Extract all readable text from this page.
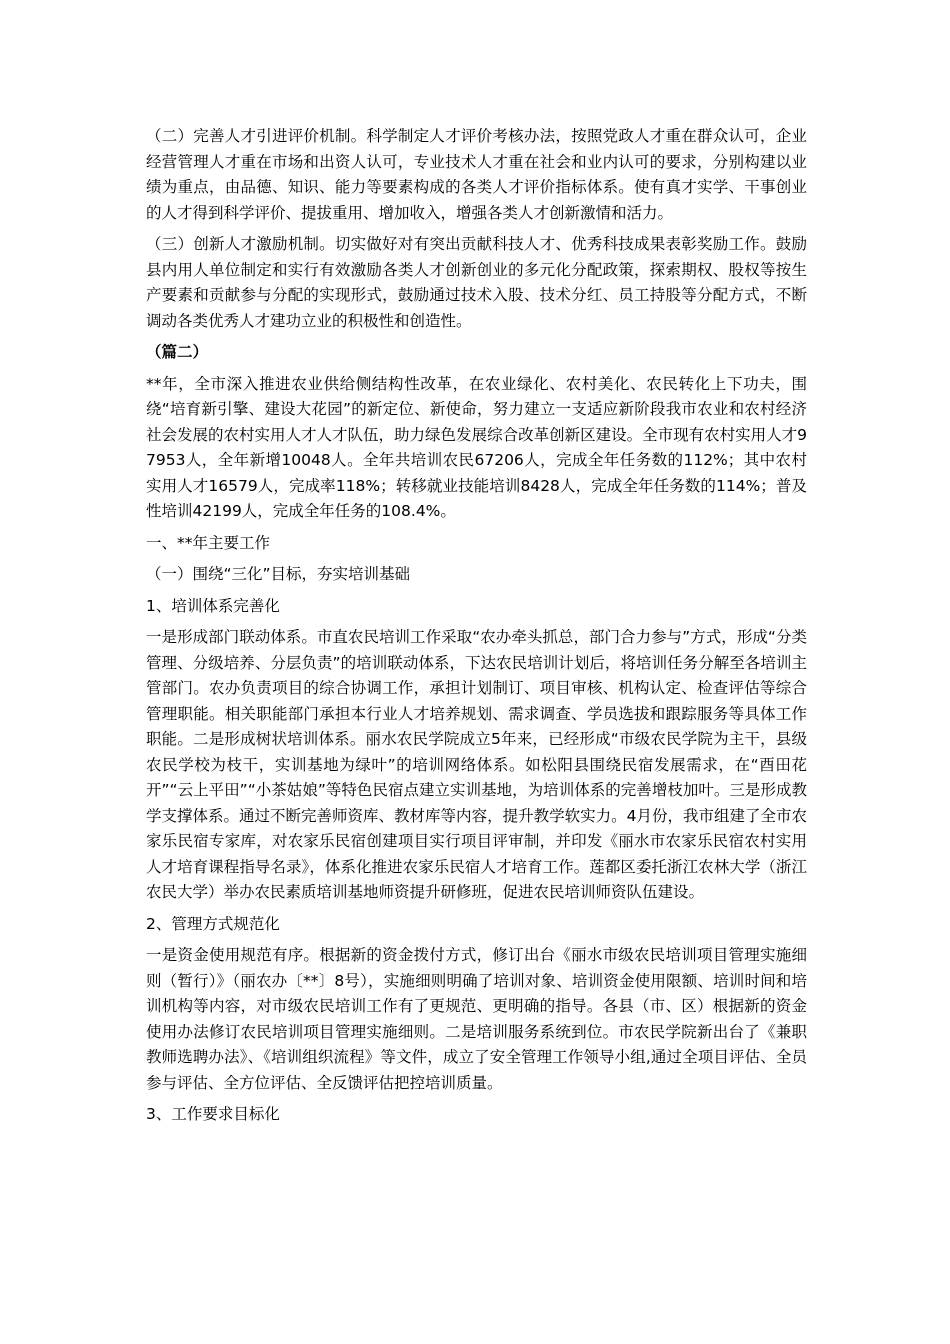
（二）完善人才引进评价机制。科学制定人才评价考核办法，按照党政人才重在群众认可，企业经营管理人才重在市场和出资人认可，专业技术人才重在社会和业内认可的要求，分别构建以业绩为重点，由品德、知识、能力等要素构成的各类人才评价指标体系。使有真才实学、干事创业的人才得到科学评价、提拔重用、增加收入，增强各类人才创新激情和活力。

（三）创新人才激励机制。切实做好对有突出贡献科技人才、优秀科技成果表彰奖励工作。鼓励县内用人单位制定和实行有效激励各类人才创新创业的多元化分配政策，探索期权、股权等按生产要素和贡献参与分配的实现形式，鼓励通过技术入股、技术分红、员工持股等分配方式，不断调动各类优秀人才建功立业的积极性和创造性。

（篇二）

**年，全市深入推进农业供给侧结构性改革，在农业绿化、农村美化、农民转化上下功夫，围绕“培育新引擎、建设大花园”的新定位、新使命，努力建立一支适应新阶段我市农业和农村经济社会发展的农村实用人才人才队伍，助力绿色发展综合改革创新区建设。全市现有农村实用人才97953人，全年新增10048人。全年共培训农民67206人，完成全年任务数的112%；其中农村实用人才16579人，完成率118%；转移就业技能培训8428人，完成全年任务数的114%；普及性培训42199人，完成全年任务的108.4%。

一、**年主要工作

（一）围绕“三化”目标，夯实培训基础

1、培训体系完善化

一是形成部门联动体系。市直农民培训工作采取“农办牵头抓总，部门合力参与”方式，形成“分类管理、分级培养、分层负责”的培训联动体系，下达农民培训计划后，将培训任务分解至各培训主管部门。农办负责项目的综合协调工作，承担计划制订、项目审核、机构认定、检查评估等综合管理职能。相关职能部门承担本行业人才培养规划、需求调查、学员选拔和跟踪服务等具体工作职能。二是形成树状培训体系。丽水农民学院成立5年来，已经形成“市级农民学院为主干，县级农民学校为枝干，实训基地为绿叶”的培训网络体系。如松阳县围绕民宿发展需求，在“酉田花开”“云上平田”“小茶姑娘”等特色民宿点建立实训基地，为培训体系的完善增枝加叶。三是形成教学支撑体系。通过不断完善师资库、教材库等内容，提升教学软实力。4月份，我市组建了全市农家乐民宿专家库，对农家乐民宿创建项目实行项目评审制，并印发《丽水市农家乐民宿农村实用人才培育课程指导名录》，体系化推进农家乐民宿人才培育工作。莲都区委托浙江农林大学（浙江农民大学）举办农民素质培训基地师资提升研修班，促进农民培训师资队伍建设。

2、管理方式规范化

一是资金使用规范有序。根据新的资金拨付方式，修订出台《丽水市级农民培训项目管理实施细则（暂行）》（丽农办〔**〕8号），实施细则明确了培训对象、培训资金使用限额、培训时间和培训机构等内容，对市级农民培训工作有了更规范、更明确的指导。各县（市、区）根据新的资金使用办法修订农民培训项目管理实施细则。二是培训服务系统到位。市农民学院新出台了《兼职教师选聘办法》、《培训组织流程》等文件，成立了安全管理工作领导小组,通过全项目评估、全员参与评估、全方位评估、全反馈评估把控培训质量。

3、工作要求目标化
